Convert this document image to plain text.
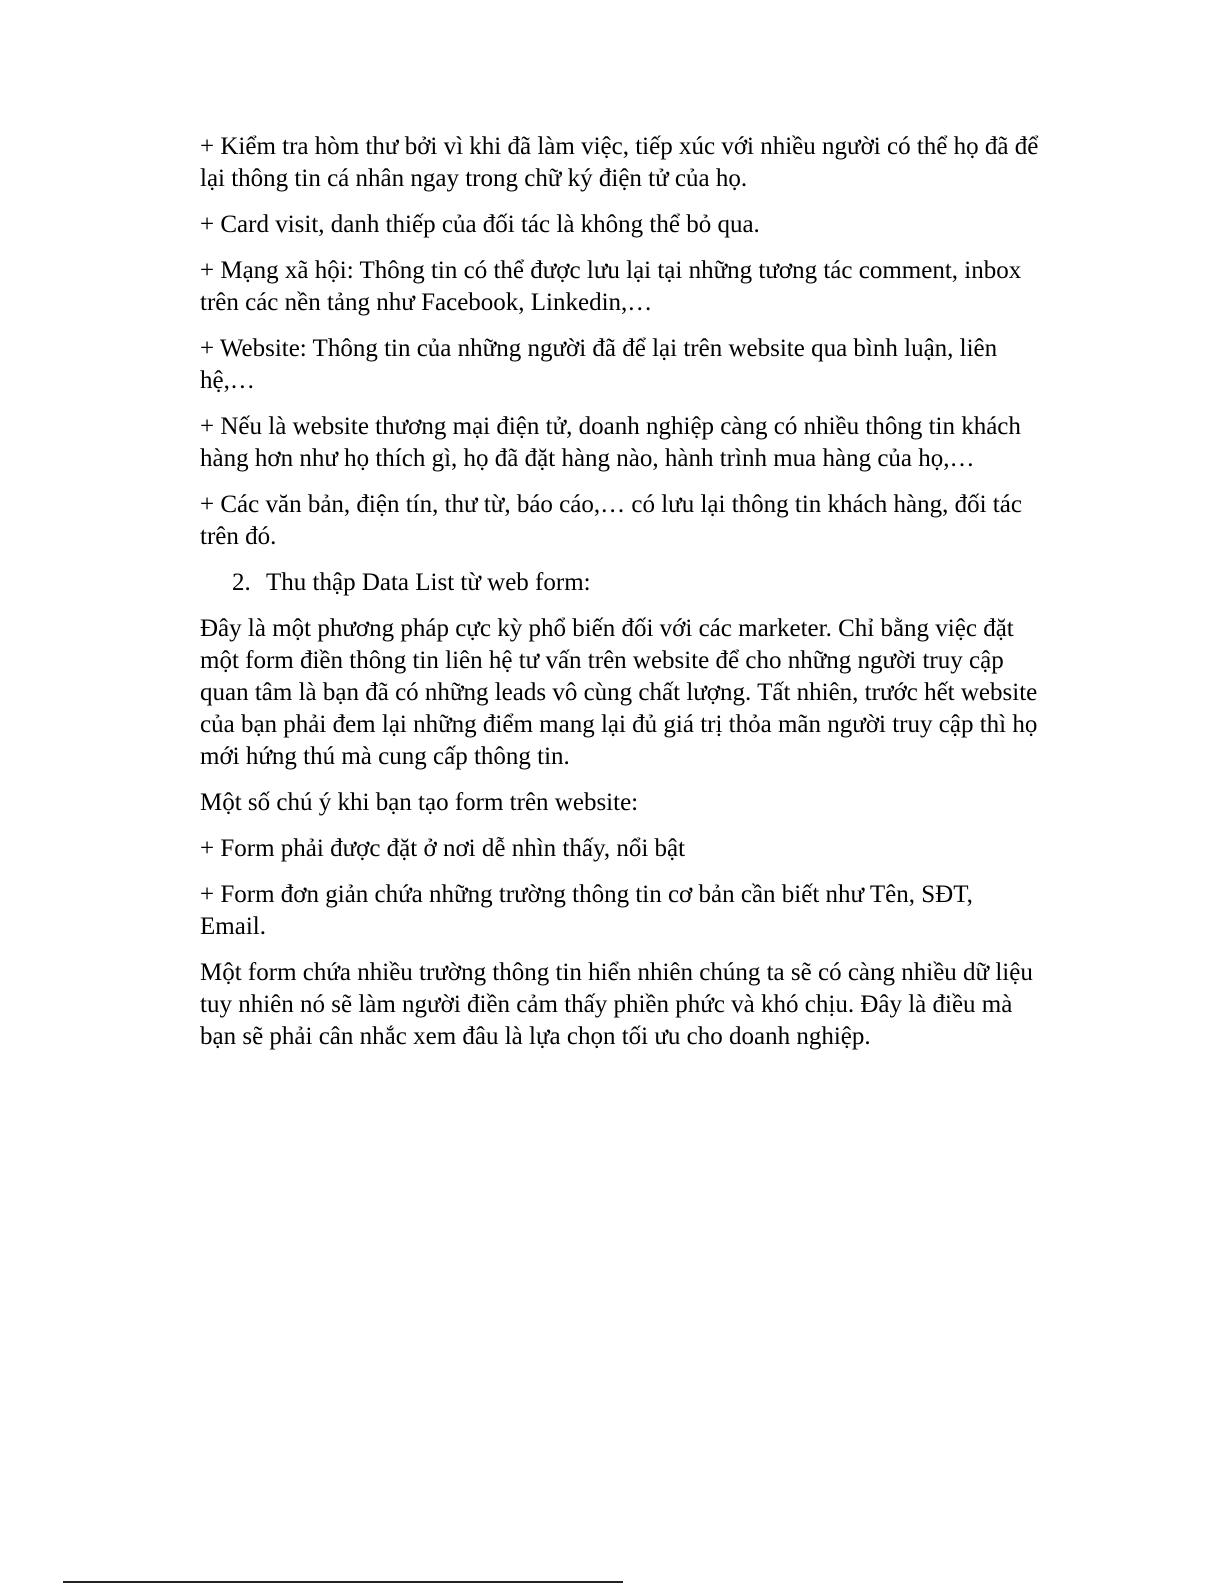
+ Kiểm tra hòm thư bởi vì khi đã làm việc, tiếp xúc với nhiều người có thể họ đã để lại thông tin cá nhân ngay trong chữ ký điện tử của họ.

+ Card visit, danh thiếp của đối tác là không thể bỏ qua.

+ Mạng xã hội: Thông tin có thể được lưu lại tại những tương tác comment, inbox trên các nền tảng như Facebook, Linkedin,…

+ Website: Thông tin của những người đã để lại trên website qua bình luận, liên hệ,…

+ Nếu là website thương mại điện tử, doanh nghiệp càng có nhiều thông tin khách hàng hơn như họ thích gì, họ đã đặt hàng nào, hành trình mua hàng của họ,…

+ Các văn bản, điện tín, thư từ, báo cáo,… có lưu lại thông tin khách hàng, đối tác trên đó.

2. Thu thập Data List từ web form:

Đây là một phương pháp cực kỳ phổ biến đối với các marketer. Chỉ bằng việc đặt một form điền thông tin liên hệ tư vấn trên website để cho những người truy cập quan tâm là bạn đã có những leads vô cùng chất lượng. Tất nhiên, trước hết website của bạn phải đem lại những điểm mang lại đủ giá trị thỏa mãn người truy cập thì họ mới hứng thú mà cung cấp thông tin.

Một số chú ý khi bạn tạo form trên website:

+ Form phải được đặt ở nơi dễ nhìn thấy, nổi bật

+ Form đơn giản chứa những trường thông tin cơ bản cần biết như Tên, SĐT, Email.

Một form chứa nhiều trường thông tin hiển nhiên chúng ta sẽ có càng nhiều dữ liệu tuy nhiên nó sẽ làm người điền cảm thấy phiền phức và khó chịu. Đây là điều mà bạn sẽ phải cân nhắc xem đâu là lựa chọn tối ưu cho doanh nghiệp.
